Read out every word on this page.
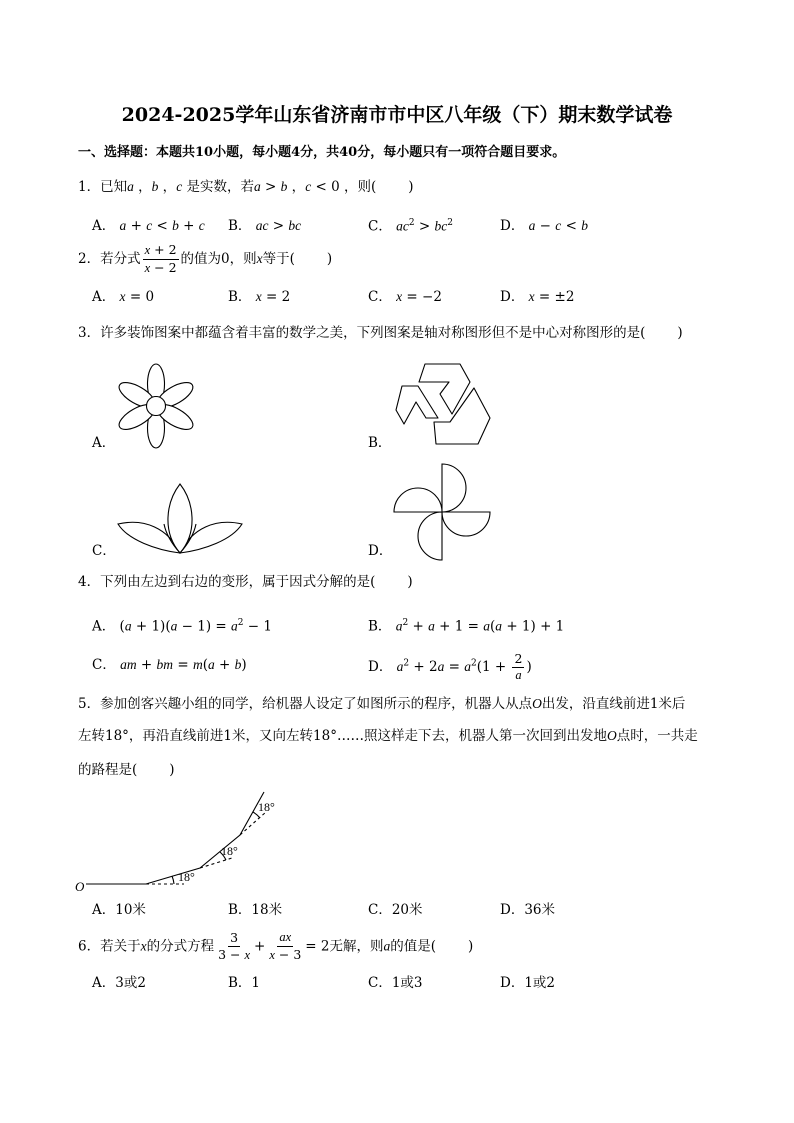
2024-2025学年山东省济南市市中区八年级（下）期末数学试卷
一、选择题：本题共10小题，每小题4分，共40分，每小题只有一项符合题目要求。
1．已知a ，b ，c 是实数，若a > b ，c < 0 ，则( )
A． a + c < b + c B． ac > bc	C． $ac^2 > bc^2$	D． a − c < b
2．若分式 $\frac{x + 2}{x - 2}$ 的值为0，则x等于( )
A． x = 0	B． x = 2	C． x = −2	D． x = ±2
3．许多装饰图案中都蕴含着丰富的数学之美，下列图案是轴对称图形但不是中心对称图形的是( )
A．	B．
C．	D．
4．下列由左边到右边的变形，属于因式分解的是( )
A． $(a + 1)(a - 1) = a^2 - 1$	B． $a^2 + a + 1 = a(a + 1) + 1$
C． am + bm = m(a + b)	D． $a^2 + 2a = a^2(1 + \frac{2}{a}$ )
5．参加创客兴趣小组的同学，给机器人设定了如图所示的程序，机器人从点O出发，沿直线前进1米后
左转18°，再沿直线前进1米，又向左转18°……照这样走下去，机器人第一次回到出发地O点时，一共走
的路程是( )
O
18°
18°
18°
A．10米	B．18米	C．20米	D．36米
6．若关于x的分式方程 $\frac{3}{3 - x} + \frac{ax}{x - 3} = 2$无解，则a的值是( )
A．3或2	B．1	C．1或3	D．1或2
